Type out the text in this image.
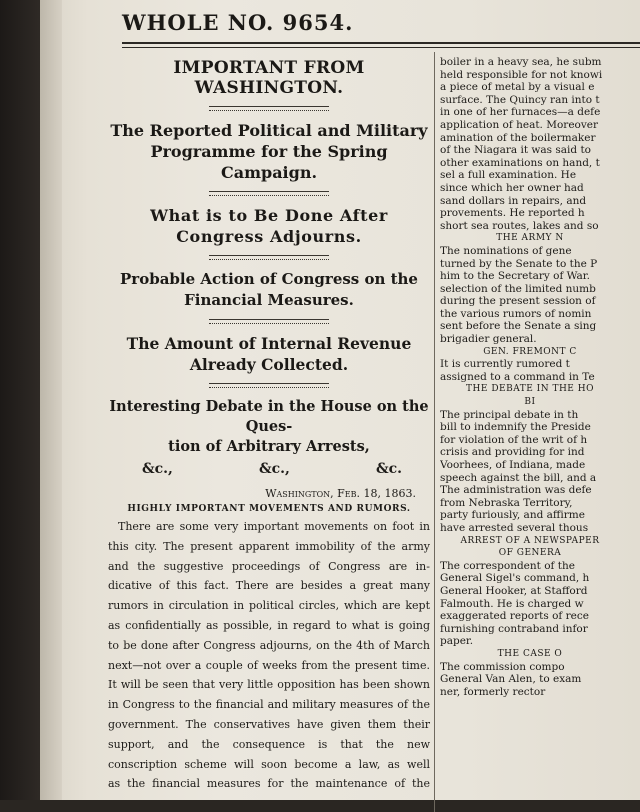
WHOLE NO. 9654.
IMPORTANT FROM WASHINGTON.
The Reported Political and Military
Programme for the Spring Campaign.
What is to Be Done After
Congress Adjourns.
Probable Action of Congress on the
Financial Measures.
The Amount of Internal Revenue
Already Collected.
Interesting Debate in the House on the Ques-
tion of Arbitrary Arrests,
&c.,	&c.,	&c.
Washington, Feb. 18, 1863.
HIGHLY IMPORTANT MOVEMENTS AND RUMORS.
There are some very important movements on foot in
this city. The present apparent immobility of the army
and the suggestive proceedings of Congress are in-
dicative of this fact. There are besides a great many
rumors in circulation in political circles, which are kept
as confidentially as possible, in regard to what is going
to be done after Congress adjourns, on the 4th of March
next—not over a couple of weeks from the present time.
It will be seen that very little opposition has been shown
in Congress to the financial and military measures of the
government. The conservatives have given them their
support, and the consequence is that the new
conscription scheme will soon become a law, as well
as the financial measures for the maintenance of the
boiler in a heavy sea, he subm
held responsible for not knowi
a piece of metal by a visual e
surface. The Quincy ran into t
in one of her furnaces—a defe
application of heat. Moreover
amination of the boilermaker
of the Niagara it was said to
other examinations on hand, t
sel a full examination. He
since which her owner had
sand dollars in repairs, and
provements. He reported h
short sea routes, lakes and so
THE ARMY N
The nominations of gene
turned by the Senate to the P
him to the Secretary of War.
selection of the limited numb
during the present session of
the various rumors of nomin
sent before the Senate a sing
brigadier general.
GEN. FREMONT C
It is currently rumored t
assigned to a command in Te
THE DEBATE IN THE HO
BI
The principal debate in th
bill to indemnify the Preside
for violation of the writ of h
crisis and providing for ind
Voorhees, of Indiana, made
speech against the bill, and a
The administration was defe
from Nebraska Territory,
party furiously, and affirme
have arrested several thous
ARREST OF A NEWSPAPER
OF GENERA
The correspondent of the
General Sigel's command, h
General Hooker, at Stafford
Falmouth. He is charged w
exaggerated reports of rece
furnishing contraband infor
paper.
THE CASE O
The commission compo
General Van Alen, to exam
ner, formerly rector
